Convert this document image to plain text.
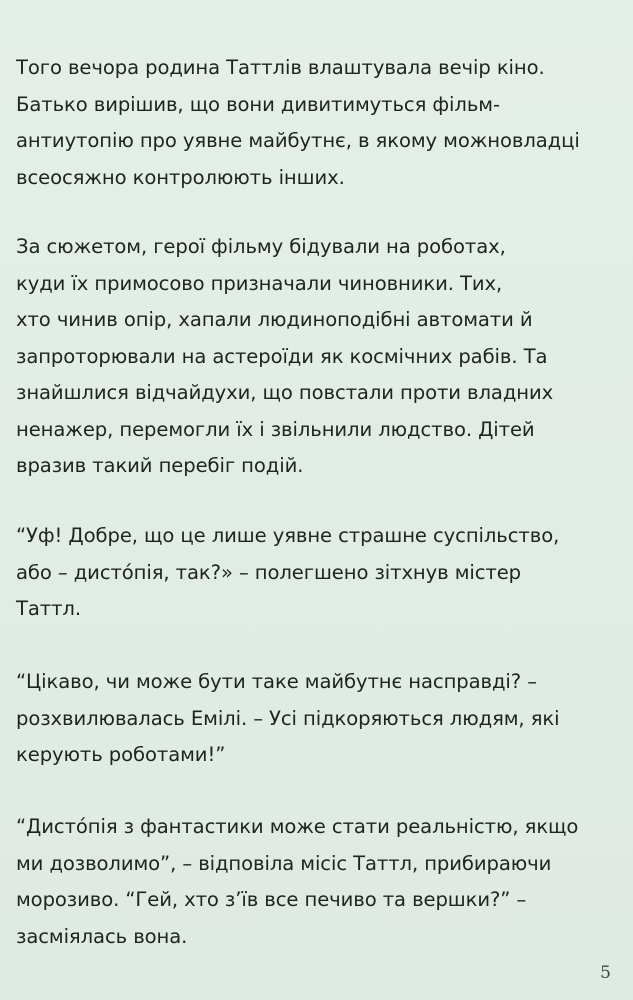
Того вечора родина Таттлів влаштувала вечір кіно.
Батько вирішив, що вони дивитимуться фільм-
антиутопію про уявне майбутнє, в якому можновладці
всеосяжно контролюють інших.
За сюжетом, герої фільму бідували на роботах,
куди їх примосово призначали чиновники. Тих,
хто чинив опір, хапали людиноподібні автомати й
запроторювали на астероїди як космічних рабів. Та
знайшлися відчайдухи, що повстали проти владних
ненажер, перемогли їх і звільнили людство. Дітей
вразив такий перебіг подій.
“Уф! Добре, що це лише уявне страшне суспільство,
або – дистóпія, так?» – полегшено зітхнув містер
Таттл.
“Цікаво, чи може бути таке майбутнє насправді? –
розхвилювалась Емілі. – Усі підкоряються людям, які
керують роботами!”
“Дистóпія з фантастики може стати реальністю, якщо
ми дозволимо”, – відповіла місіс Таттл, прибираючи
морозиво. “Гей, хто з’їв все печиво та вершки?” –
засміялась вона.
5
